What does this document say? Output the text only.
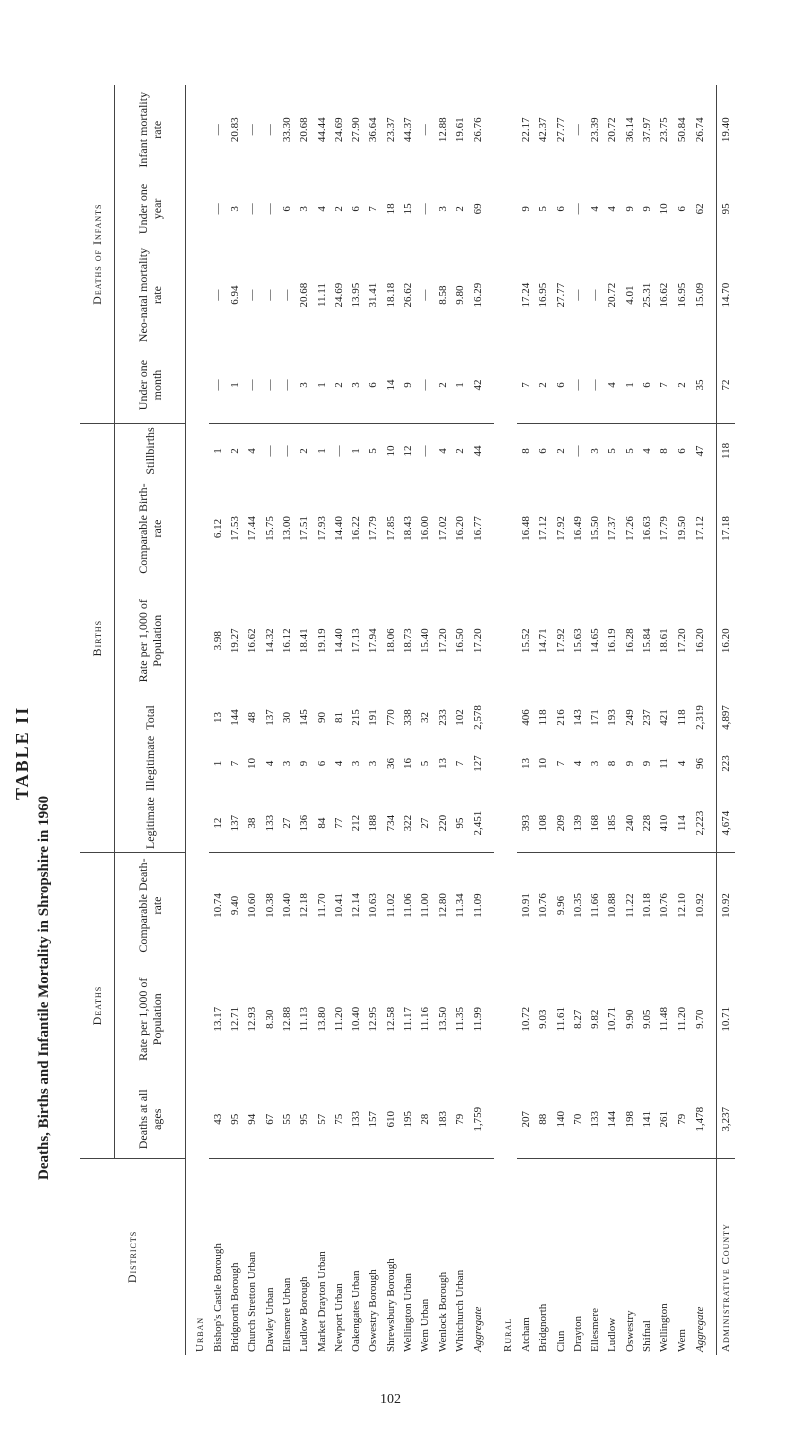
TABLE II
Deaths, Births and Infantile Mortality in Shropshire in 1960
Districts	Deaths			Births						Deaths of Infants			
	Deaths at all ages	Rate per 1,000 of Population	Comparable Death-rate	Legitimate	Illegitimate	Total	Rate per 1,000 of Population	Comparable Birth-rate	Stillbirths	Under one month	Neo-natal mortality rate	Under one year	Infant mortality rate
Urban													
Bishop's Castle Borough	43	13.17	10.74	12	1	13	3.98	6.12	1	—	—	—	—
Bridgnorth Borough	95	12.71	9.40	137	7	144	19.27	17.53	2	1	6.94	3	20.83
Church Stretton Urban	94	12.93	10.60	38	10	48	16.62	17.44	4	—	—	—	—
Dawley Urban	67	8.30	10.38	133	4	137	14.32	15.75	—	—	—	—	—
Ellesmere Urban	55	12.88	10.40	27	3	30	16.12	13.00	—	—	—	6	33.30
Ludlow Borough	95	11.13	12.18	136	9	145	18.41	17.51	2	3	20.68	3	20.68
Market Drayton Urban	57	13.80	11.70	84	6	90	19.19	17.93	1	1	11.11	4	44.44
Newport Urban	75	11.20	10.41	77	4	81	14.40	14.40	—	2	24.69	2	24.69
Oakengates Urban	133	10.40	12.14	212	3	215	17.13	16.22	1	3	13.95	6	27.90
Oswestry Borough	157	12.95	10.63	188	3	191	17.94	17.79	5	6	31.41	7	36.64
Shrewsbury Borough	610	12.58	11.02	734	36	770	18.06	17.85	10	14	18.18	18	23.37
Wellington Urban	195	11.17	11.06	322	16	338	18.73	18.43	12	9	26.62	15	44.37
Wem Urban	28	11.16	11.00	27	5	32	15.40	16.00	—	—	—	—	—
Wenlock Borough	183	13.50	12.80	220	13	233	17.20	17.02	4	2	8.58	3	12.88
Whitchurch Urban	79	11.35	11.34	95	7	102	16.50	16.20	2	1	9.80	2	19.61
Aggregate	1,759	11.99	11.09	2,451	127	2,578	17.20	16.77	44	42	16.29	69	26.76
Rural													
Atcham	207	10.72	10.91	393	13	406	15.52	16.48	8	7	17.24	9	22.17
Bridgnorth	88	9.03	10.76	108	10	118	14.71	17.12	6	2	16.95	5	42.37
Clun	140	11.61	9.96	209	7	216	17.92	17.92	2	6	27.77	6	27.77
Drayton	70	8.27	10.35	139	4	143	15.63	16.49	—	—	—	—	—
Ellesmere	133	9.82	11.66	168	3	171	14.65	15.50	3	—	—	4	23.39
Ludlow	144	10.71	10.88	185	8	193	16.19	17.37	5	4	20.72	4	20.72
Oswestry	198	9.90	11.22	240	9	249	16.28	17.26	5	1	4.01	9	36.14
Shifnal	141	9.05	10.18	228	9	237	15.84	16.63	4	6	25.31	9	37.97
Wellington	261	11.48	10.76	410	11	421	18.61	17.79	8	7	16.62	10	23.75
Wem	79	11.20	12.10	114	4	118	17.20	19.50	6	2	16.95	6	50.84
Aggregate	1,478	9.70	10.92	2,223	96	2,319	16.20	17.12	47	35	15.09	62	26.74
Administrative County	3,237	10.71	10.92	4,674	223	4,897	16.20	17.18	118	72	14.70	95	19.40
102
